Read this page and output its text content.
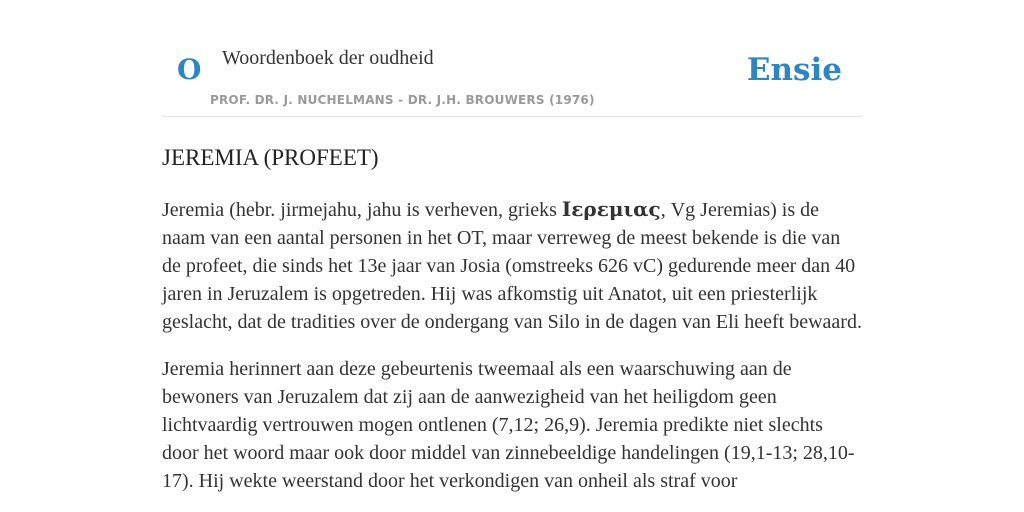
O Woordenboek der oudheid	Ensie
PROF. DR. J. NUCHELMANS - DR. J.H. BROUWERS (1976)
JEREMIA (PROFEET)

Jeremia (hebr. jirmejahu, jahu is verheven, grieks Ιερεμιας, Vg Jeremias) is de naam van een aantal personen in het OT, maar verreweg de meest bekende is die van de profeet, die sinds het 13e jaar van Josia (omstreeks 626 vC) gedurende meer dan 40 jaren in Jeruzalem is opgetreden. Hij was afkomstig uit Anatot, uit een priesterlijk geslacht, dat de tradities over de ondergang van Silo in de dagen van Eli heeft bewaard.

Jeremia herinnert aan deze gebeurtenis tweemaal als een waarschuwing aan de bewoners van Jeruzalem dat zij aan de aanwezigheid van het heiligdom geen lichtvaardig vertrouwen mogen ontlenen (7,12; 26,9). Jeremia predikte niet slechts door het woord maar ook door middel van zinnebeeldige handelingen (19,1-13; 28,10-17). Hij wekte weerstand door het verkondigen van onheil als straf voor
